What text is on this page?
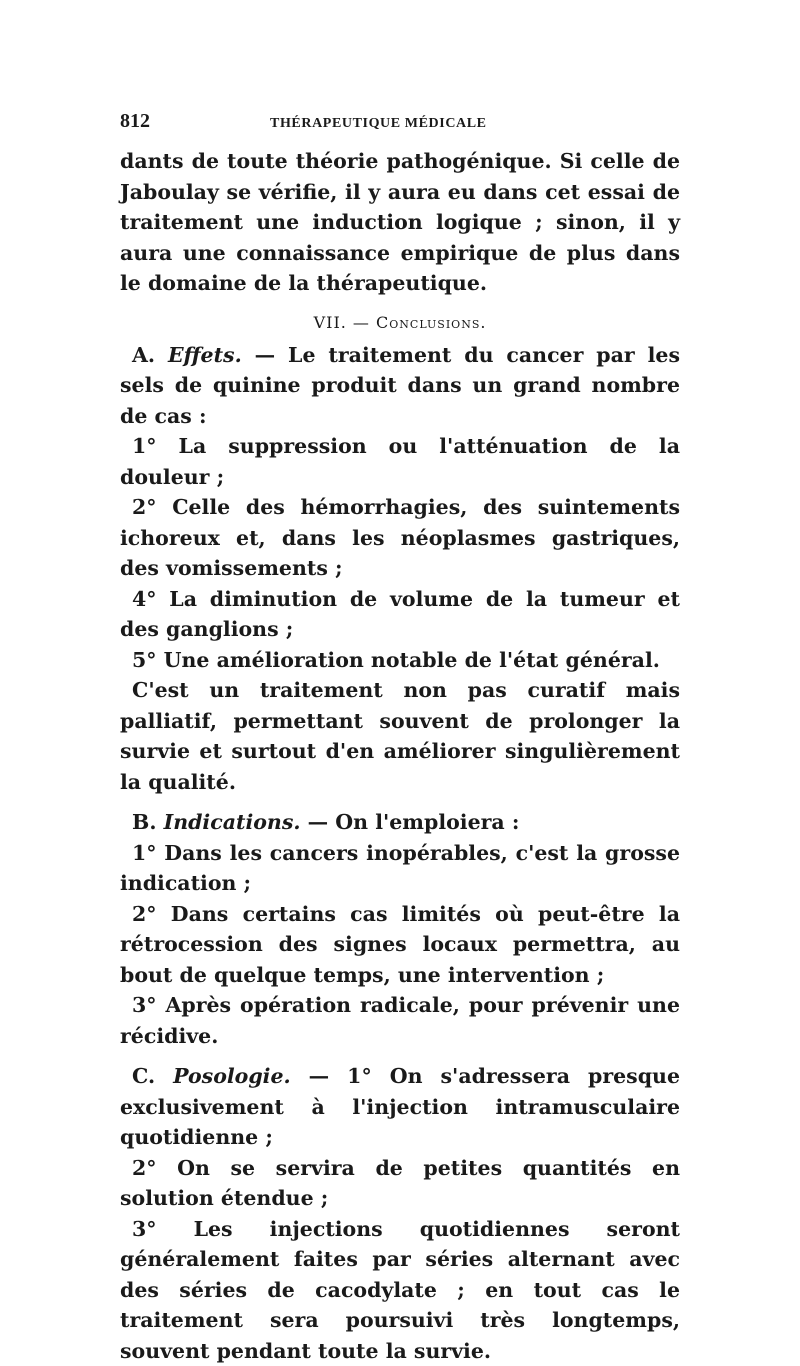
812	THÉRAPEUTIQUE MÉDICALE

dants de toute théorie pathogénique. Si celle de Jaboulay se vérifie, il y aura eu dans cet essai de traitement une induction logique ; sinon, il y aura une connaissance empirique de plus dans le domaine de la thérapeutique.

VII. — Conclusions.

A. Effets. — Le traitement du cancer par les sels de quinine produit dans un grand nombre de cas :

1° La suppression ou l'atténuation de la douleur ;

2° Celle des hémorrhagies, des suintements ichoreux et, dans les néoplasmes gastriques, des vomissements ;

4° La diminution de volume de la tumeur et des ganglions ;

5° Une amélioration notable de l'état général.

C'est un traitement non pas curatif mais palliatif, permettant souvent de prolonger la survie et surtout d'en améliorer singulièrement la qualité.

B. Indications. — On l'emploiera :

1° Dans les cancers inopérables, c'est la grosse indication ;

2° Dans certains cas limités où peut-être la rétrocession des signes locaux permettra, au bout de quelque temps, une intervention ;

3° Après opération radicale, pour prévenir une récidive.

C. Posologie. — 1° On s'adressera presque exclusivement à l'injection intramusculaire quotidienne ;

2° On se servira de petites quantités en solution étendue ;

3° Les injections quotidiennes seront généralement faites par séries alternant avec des séries de cacodylate ; en tout cas le traitement sera poursuivi très longtemps, souvent pendant toute la survie.
